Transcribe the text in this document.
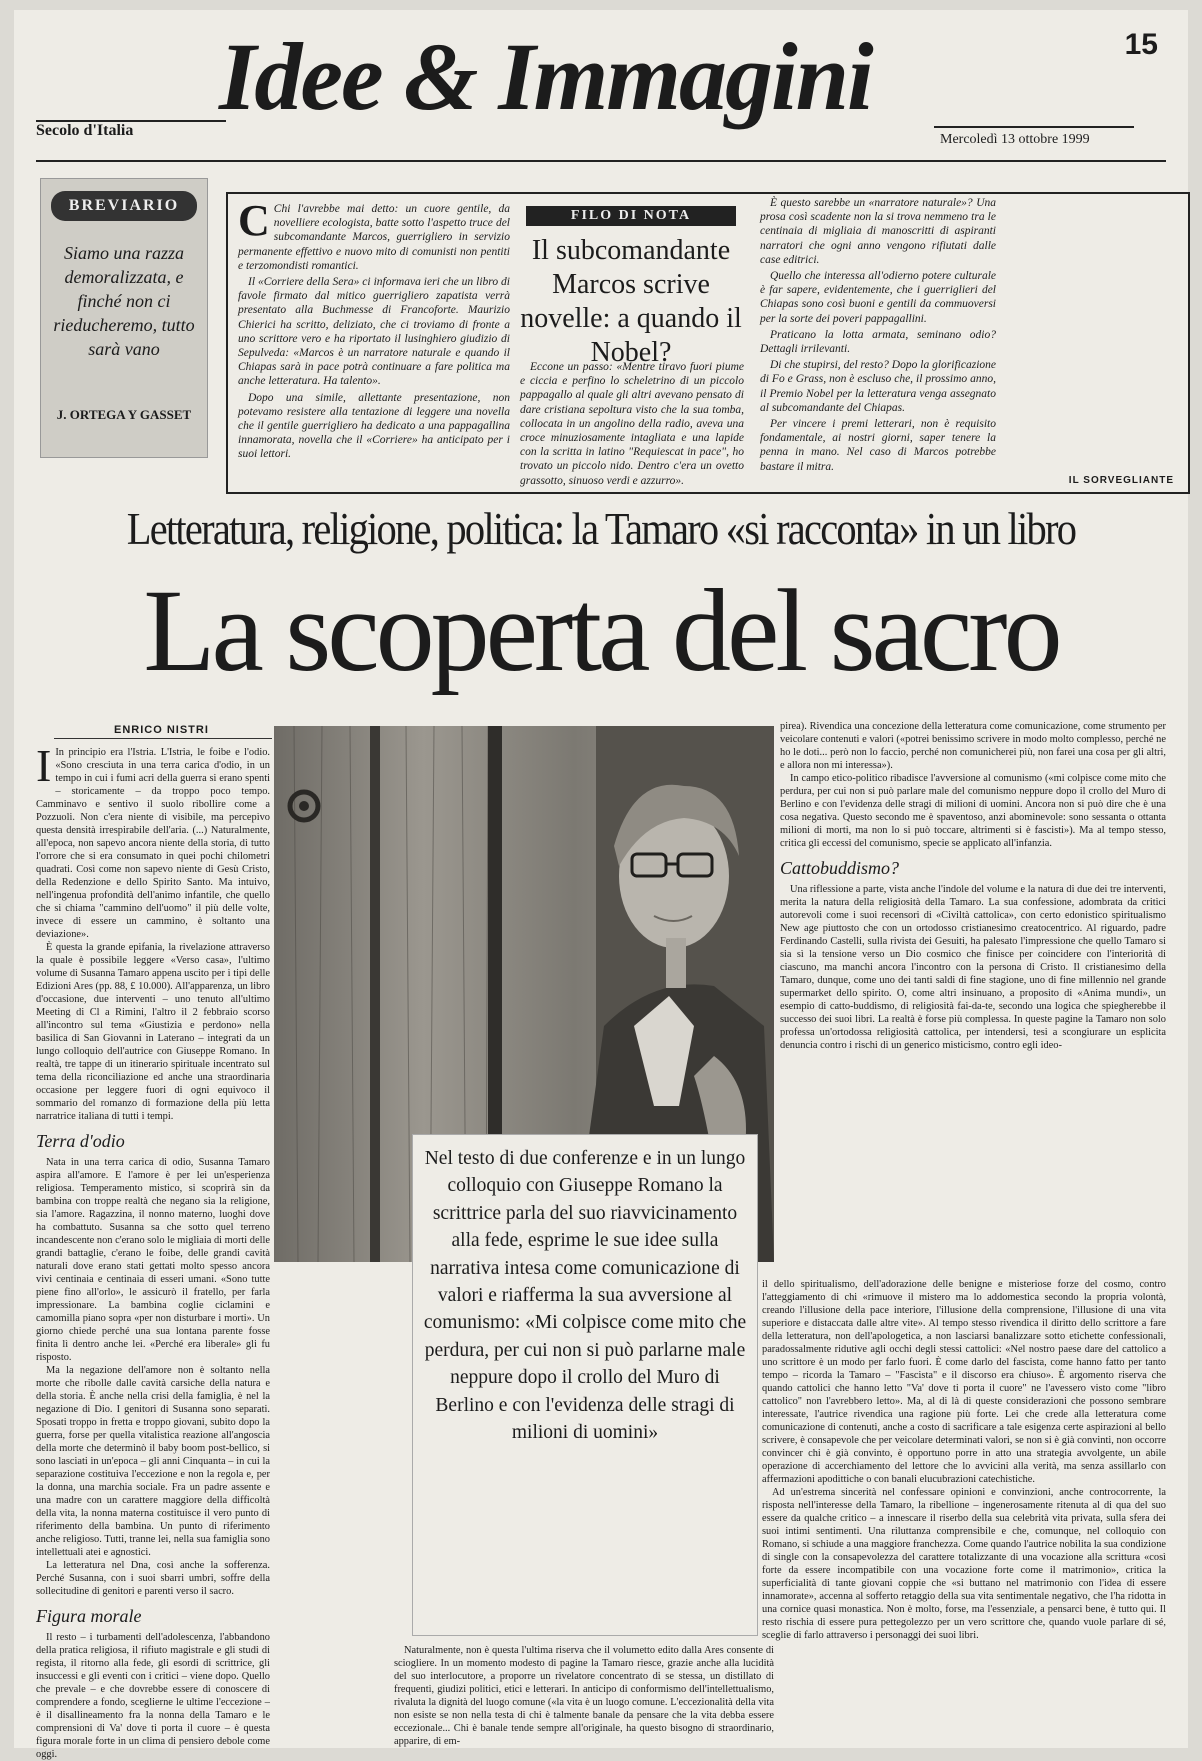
15
Secolo d'Italia
Idee & Immagini
Mercoledì 13 ottobre 1999
BREVIARIO
Siamo una razza demoralizzata, e finché non ci rieducheremo, tutto sarà vano
J. ORTEGA Y GASSET

C Chi l'avrebbe mai detto: un cuore gentile, da novelliere ecologista, batte sotto l'aspetto truce del subcomandante Marcos, guerrigliero in servizio permanente effettivo e nuovo mito di comunisti non pentiti e terzomondisti romantici.

Il «Corriere della Sera» ci informava ieri che un libro di favole firmato dal mitico guerrigliero zapatista verrà presentato alla Buchmesse di Francoforte. Maurizio Chierici ha scritto, deliziato, che ci troviamo di fronte a uno scrittore vero e ha riportato il lusinghiero giudizio di Sepulveda: «Marcos è un narratore naturale e quando il Chiapas sarà in pace potrà continuare a fare politica ma anche letteratura. Ha talento».

Dopo una simile, allettante presentazione, non potevamo resistere alla tentazione di leggere una novella che il gentile guerrigliero ha dedicato a una pappagallina innamorata, novella che il «Corriere» ha anticipato per i suoi lettori.

FILO DI NOTA
Il subcomandante Marcos scrive novelle: a quando il Nobel?

Eccone un passo: «Mentre tiravo fuori piume e ciccia e perfino lo scheletrino di un piccolo pappagallo al quale gli altri avevano pensato di dare cristiana sepoltura visto che la sua tomba, collocata in un angolino della radio, aveva una croce minuziosamente intagliata e una lapide con la scritta in latino "Requiescat in pace", ho trovato un piccolo nido. Dentro c'era un ovetto grassotto, sinuoso verdi e azzurro».

È questo sarebbe un «narratore naturale»? Una prosa così scadente non la si trova nemmeno tra le centinaia di migliaia di manoscritti di aspiranti narratori che ogni anno vengono rifiutati dalle case editrici.

Quello che interessa all'odierno potere culturale è far sapere, evidentemente, che i guerriglieri del Chiapas sono così buoni e gentili da commuoversi per la sorte dei poveri pappagallini.

Praticano la lotta armata, seminano odio? Dettagli irrilevanti.

Di che stupirsi, del resto? Dopo la glorificazione di Fo e Grass, non è escluso che, il prossimo anno, il Premio Nobel per la letteratura venga assegnato al subcomandante del Chiapas.

Per vincere i premi letterari, non è requisito fondamentale, ai nostri giorni, saper tenere la penna in mano. Nel caso di Marcos potrebbe bastare il mitra.

IL SORVEGLIANTE
Letteratura, religione, politica: la Tamaro «si racconta» in un libro
La scoperta del sacro
ENRICO NISTRI

I In principio era l'Istria. L'Istria, le foibe e l'odio. «Sono cresciuta in una terra carica d'odio, in un tempo in cui i fumi acri della guerra si erano spenti – storicamente – da troppo poco tempo. Camminavo e sentivo il suolo ribollire come a Pozzuoli. Non c'era niente di visibile, ma percepivo questa densità irrespirabile dell'aria. (...) Naturalmente, all'epoca, non sapevo ancora niente della storia, di tutto l'orrore che si era consumato in quei pochi chilometri quadrati. Così come non sapevo niente di Gesù Cristo, della Redenzione e dello Spirito Santo. Ma intuivo, nell'ingenua profondità dell'animo infantile, che quello che si chiama "cammino dell'uomo" il più delle volte, invece di essere un cammino, è soltanto una deviazione».

È questa la grande epifania, la rivelazione attraverso la quale è possibile leggere «Verso casa», l'ultimo volume di Susanna Tamaro appena uscito per i tipi delle Edizioni Ares (pp. 88, £ 10.000). All'apparenza, un libro d'occasione, due interventi – uno tenuto all'ultimo Meeting di Cl a Rimini, l'altro il 2 febbraio scorso all'incontro sul tema «Giustizia e perdono» nella basilica di San Giovanni in Laterano – integrati da un lungo colloquio dell'autrice con Giuseppe Romano. In realtà, tre tappe di un itinerario spirituale incentrato sul tema della riconciliazione ed anche una straordinaria occasione per leggere fuori di ogni equivoco il sommario del romanzo di formazione della più letta narratrice italiana di tutti i tempi.

Terra d'odio

Nata in una terra carica di odio, Susanna Tamaro aspira all'amore. E l'amore è per lei un'esperienza religiosa. Temperamento mistico, si scoprirà sin da bambina con troppe realtà che negano sia la religione, sia l'amore. Ragazzina, il nonno materno, luoghi dove ha combattuto. Susanna sa che sotto quel terreno incandescente non c'erano solo le migliaia di morti delle grandi battaglie, c'erano le foibe, delle grandi cavità naturali dove erano stati gettati molto spesso ancora vivi centinaia e centinaia di esseri umani. «Sono tutte piene fino all'orlo», le assicurò il fratello, per farla impressionare. La bambina coglie ciclamini e camomilla piano sopra «per non disturbare i morti». Un giorno chiede perché una sua lontana parente fosse finita lì dentro anche lei. «Perché era liberale» gli fu risposto.

Ma la negazione dell'amore non è soltanto nella morte che ribolle dalle cavità carsiche della natura e della storia. È anche nella crisi della famiglia, è nel la negazione di Dio. I genitori di Susanna sono separati. Sposati troppo in fretta e troppo giovani, subito dopo la guerra, forse per quella vitalistica reazione all'angoscia della morte che determinò il baby boom post-bellico, si sono lasciati in un'epoca – gli anni Cinquanta – in cui la separazione costituiva l'eccezione e non la regola e, per la donna, una marchia sociale. Fra un padre assente e una madre con un carattere maggiore della difficoltà della vita, la nonna materna costituisce il vero punto di riferimento della bambina. Un punto di riferimento anche religioso. Tutti, tranne lei, nella sua famiglia sono intellettuali atei e agnostici.

La letteratura nel Dna, così anche la sofferenza. Perché Susanna, con i suoi sbarri umbri, soffre della sollecitudine di genitori e parenti verso il sacro.

Figura morale

Il resto – i turbamenti dell'adolescenza, l'abbandono della pratica religiosa, il rifiuto magistrale e gli studi di regista, il ritorno alla fede, gli esordi di scrittrice, gli insuccessi e gli eventi con i critici – viene dopo. Quello che prevale – e che dovrebbe essere di conoscere di comprendere a fondo, sceglierne le ultime l'eccezione – è il disallineamento fra la nonna della Tamaro e le comprensioni di Va' dove ti porta il cuore – è questa figura morale forte in un clima di pensiero debole come oggi.

Nel testo di due conferenze e in un lungo colloquio con Giuseppe Romano la scrittrice parla del suo riavvicinamento alla fede, esprime le sue idee sulla narrativa intesa come comunicazione di valori e riafferma la sua avversione al comunismo: «Mi colpisce come mito che perdura, per cui non si può parlarne male neppure dopo il crollo del Muro di Berlino e con l'evidenza delle stragi di milioni di uomini»

Naturalmente, non è questa l'ultima riserva che il volumetto edito dalla Ares consente di sciogliere. In un momento modesto di pagine la Tamaro riesce, grazie anche alla lucidità del suo interlocutore, a proporre un rivelatore concentrato di se stessa, un distillato di frequenti, giudizi politici, etici e letterari. In anticipo di conformismo dell'intellettualismo, rivaluta la dignità del luogo comune («la vita è un luogo comune. L'eccezionalità della vita non esiste se non nella testa di chi è talmente banale da pensare che la vita debba essere eccezionale... Chi è banale tende sempre all'originale, ha questo bisogno di straordinario, apparire, di em-

pirea). Rivendica una concezione della letteratura come comunicazione, come strumento per veicolare contenuti e valori («potrei benissimo scrivere in modo molto complesso, perché ne ho le doti... però non lo faccio, perché non comunicherei più, non farei una cosa per gli altri, e allora non mi interessa»).

In campo etico-politico ribadisce l'avversione al comunismo («mi colpisce come mito che perdura, per cui non si può parlare male del comunismo neppure dopo il crollo del Muro di Berlino e con l'evidenza delle stragi di milioni di uomini. Ancora non si può dire che è una cosa negativa. Questo secondo me è spaventoso, anzi abominevole: sono sessanta o ottanta milioni di morti, ma non lo si può toccare, altrimenti si è fascisti»). Ma al tempo stesso, critica gli eccessi del comunismo, specie se applicato all'infanzia.

Cattobuddismo?

Una riflessione a parte, vista anche l'indole del volume e la natura di due dei tre interventi, merita la natura della religiosità della Tamaro. La sua confessione, adombrata da critici autorevoli come i suoi recensori di «Civiltà cattolica», con certo edonistico spiritualismo New age piuttosto che con un ortodosso cristianesimo creatocentrico. Al riguardo, padre Ferdinando Castelli, sulla rivista dei Gesuiti, ha palesato l'impressione che quello Tamaro si sia sì la tensione verso un Dio cosmico che finisce per coincidere con l'interiorità di ciascuno, ma manchi ancora l'incontro con la persona di Cristo. Il cristianesimo della Tamaro, dunque, come uno dei tanti saldi di fine stagione, uno di fine millennio nel grande supermarket dello spirito. O, come altri insinuano, a proposito di «Anima mundi», un esempio di catto-buddismo, di religiosità fai-da-te, secondo una logica che spiegherebbe il successo dei suoi libri. La realtà è forse più complessa. In queste pagine la Tamaro non solo professa un'ortodossa religiosità cattolica, per intendersi, tesi a scongiurare un esplicita denuncia contro i rischi di un generico misticismo, contro egli ideo-

il dello spiritualismo, dell'adorazione delle benigne e misteriose forze del cosmo, contro l'atteggiamento di chi «rimuove il mistero ma lo addomestica secondo la propria volontà, creando l'illusione della pace interiore, l'illusione della comprensione, l'illusione di una vita superiore e distaccata dalle altre vite». Al tempo stesso rivendica il diritto dello scrittore a fare della letteratura, non dell'apologetica, a non lasciarsi banalizzare sotto etichette confessionali, paradossalmente ridutive agli occhi degli stessi cattolici: «Nel nostro paese dare del cattolico a uno scrittore è un modo per farlo fuori. È come darlo del fascista, come hanno fatto per tanto tempo – ricorda la Tamaro – "Fascista" e il discorso era chiuso». È argomento riserva che quando cattolici che hanno letto "Va' dove ti porta il cuore" ne l'avessero visto come "libro cattolico" non l'avrebbero letto». Ma, al di là di queste considerazioni che possono sembrare interessate, l'autrice rivendica una ragione più forte. Lei che crede alla letteratura come comunicazione di contenuti, anche a costo di sacrificare a tale esigenza certe aspirazioni al bello scrivere, è consapevole che per veicolare determinati valori, se non si è già convinti, non occorre convincer chi è già convinto, è opportuno porre in atto una strategia avvolgente, un abile operazione di accerchiamento del lettore che lo avvicini alla verità, ma senza assillarlo con affermazioni apodittiche o con banali elucubrazioni catechistiche.

Ad un'estrema sincerità nel confessare opinioni e convinzioni, anche controcorrente, la risposta nell'interesse della Tamaro, la ribellione – ingenerosamente ritenuta al di qua del suo essere da qualche critico – a innescare il riserbo della sua celebrità vita privata, sulla sfera dei suoi intimi sentimenti. Una riluttanza comprensibile e che, comunque, nel colloquio con Romano, si schiude a una maggiore franchezza. Come quando l'autrice nobilita la sua condizione di single con la consapevolezza del carattere totalizzante di una vocazione alla scrittura «così forte da essere incompatibile con una vocazione forte come il matrimonio», critica la superficialità di tante giovani coppie che «si buttano nel matrimonio con l'idea di essere innamorate», accenna al sofferto retaggio della sua vita sentimentale negativo, che l'ha ridotta in una cornice quasi monastica. Non è molto, forse, ma l'essenziale, a pensarci bene, è tutto qui. Il resto rischia di essere pura pettegolezzo per un vero scrittore che, quando vuole parlare di sé, sceglie di farlo attraverso i personaggi dei suoi libri.
